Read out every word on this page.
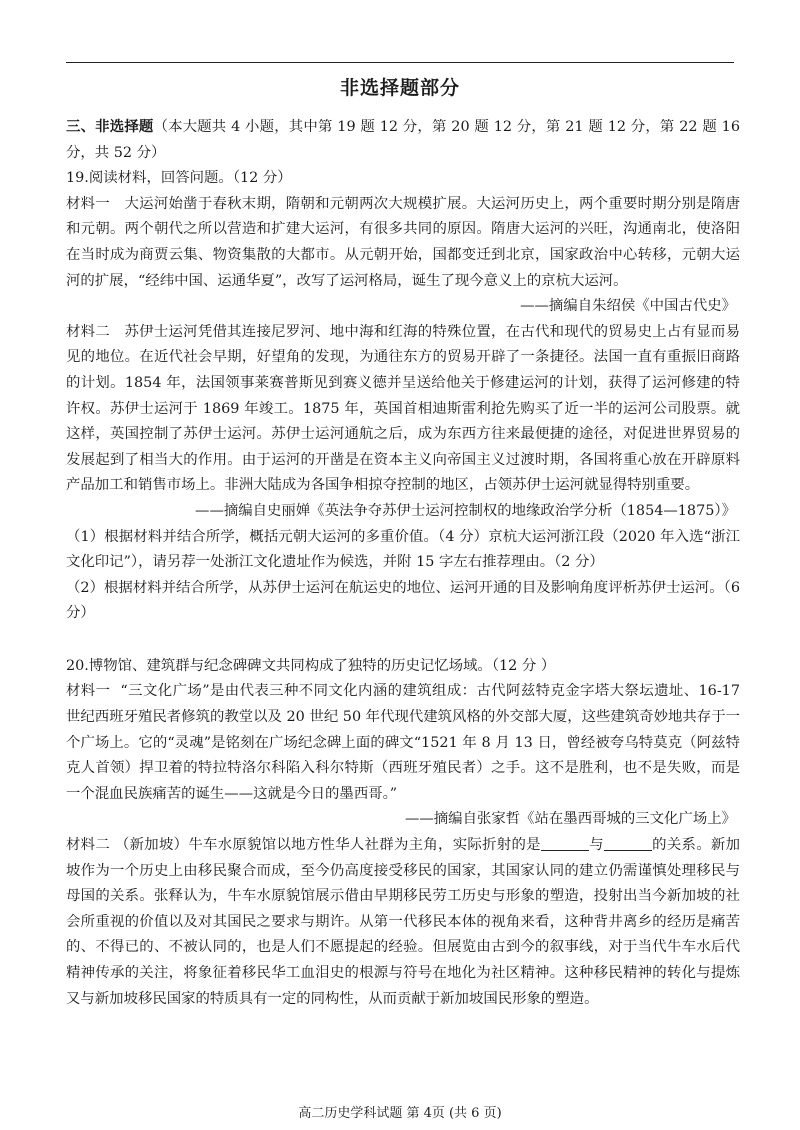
非选择题部分

三、非选择题（本大题共 4 小题，其中第 19 题 12 分，第 20 题 12 分，第 21 题 12 分，第 22 题 16 分，共 52 分）

19.阅读材料，回答问题。（12 分）

材料一 大运河始凿于春秋末期，隋朝和元朝两次大规模扩展。大运河历史上，两个重要时期分别是隋唐和元朝。两个朝代之所以营造和扩建大运河，有很多共同的原因。隋唐大运河的兴旺，沟通南北，使洛阳在当时成为商贾云集、物资集散的大都市。从元朝开始，国都变迁到北京，国家政治中心转移，元朝大运河的扩展，“经纬中国、运通华夏”，改写了运河格局，诞生了现今意义上的京杭大运河。

——摘编自朱绍侯《中国古代史》

材料二 苏伊士运河凭借其连接尼罗河、地中海和红海的特殊位置，在古代和现代的贸易史上占有显而易见的地位。在近代社会早期，好望角的发现，为通往东方的贸易开辟了一条捷径。法国一直有重振旧商路的计划。1854 年，法国领事莱赛普斯见到赛义德并呈送给他关于修建运河的计划，获得了运河修建的特许权。苏伊士运河于 1869 年竣工。1875 年，英国首相迪斯雷利抢先购买了近一半的运河公司股票。就这样，英国控制了苏伊士运河。苏伊士运河通航之后，成为东西方往来最便捷的途径，对促进世界贸易的发展起到了相当大的作用。由于运河的开凿是在资本主义向帝国主义过渡时期，各国将重心放在开辟原料产品加工和销售市场上。非洲大陆成为各国争相掠夺控制的地区，占领苏伊士运河就显得特别重要。

——摘编自史丽婵《英法争夺苏伊士运河控制权的地缘政治学分析（1854—1875）》

（1）根据材料并结合所学，概括元朝大运河的多重价值。（4 分）京杭大运河浙江段（2020 年入选“浙江文化印记”），请另荐一处浙江文化遗址作为候选，并附 15 字左右推荐理由。（2 分）

（2）根据材料并结合所学，从苏伊士运河在航运史的地位、运河开通的目及影响角度评析苏伊士运河。（6 分）

20.博物馆、建筑群与纪念碑碑文共同构成了独特的历史记忆场域。（12 分 ）

材料一 “三文化广场”是由代表三种不同文化内涵的建筑组成：古代阿兹特克金字塔大祭坛遗址、16-17 世纪西班牙殖民者修筑的教堂以及 20 世纪 50 年代现代建筑风格的外交部大厦，这些建筑奇妙地共存于一个广场上。它的“灵魂”是铭刻在广场纪念碑上面的碑文“1521 年 8 月 13 日，曾经被夸乌特莫克（阿兹特克人首领）捍卫着的特拉特洛尔科陷入科尔特斯（西班牙殖民者）之手。这不是胜利，也不是失败，而是一个混血民族痛苦的诞生——这就是今日的墨西哥。”

——摘编自张家哲《站在墨西哥城的三文化广场上》

材料二 （新加坡）牛车水原貌馆以地方性华人社群为主角，实际折射的是	与	的关系。新加坡作为一个历史上由移民聚合而成，至今仍高度接受移民的国家，其国家认同的建立仍需谨慎处理移民与母国的关系。张释认为，牛车水原貌馆展示借由早期移民劳工历史与形象的塑造，投射出当今新加坡的社会所重视的价值以及对其国民之要求与期许。从第一代移民本体的视角来看，这种背井离乡的经历是痛苦的、不得已的、不被认同的，也是人们不愿提起的经验。但展览由古到今的叙事线，对于当代牛车水后代精神传承的关注，将象征着移民华工血泪史的根源与符号在地化为社区精神。这种移民精神的转化与提炼又与新加坡移民国家的特质具有一定的同构性，从而贡献于新加坡国民形象的塑造。

高二历史学科试题 第 4页 (共 6 页)
